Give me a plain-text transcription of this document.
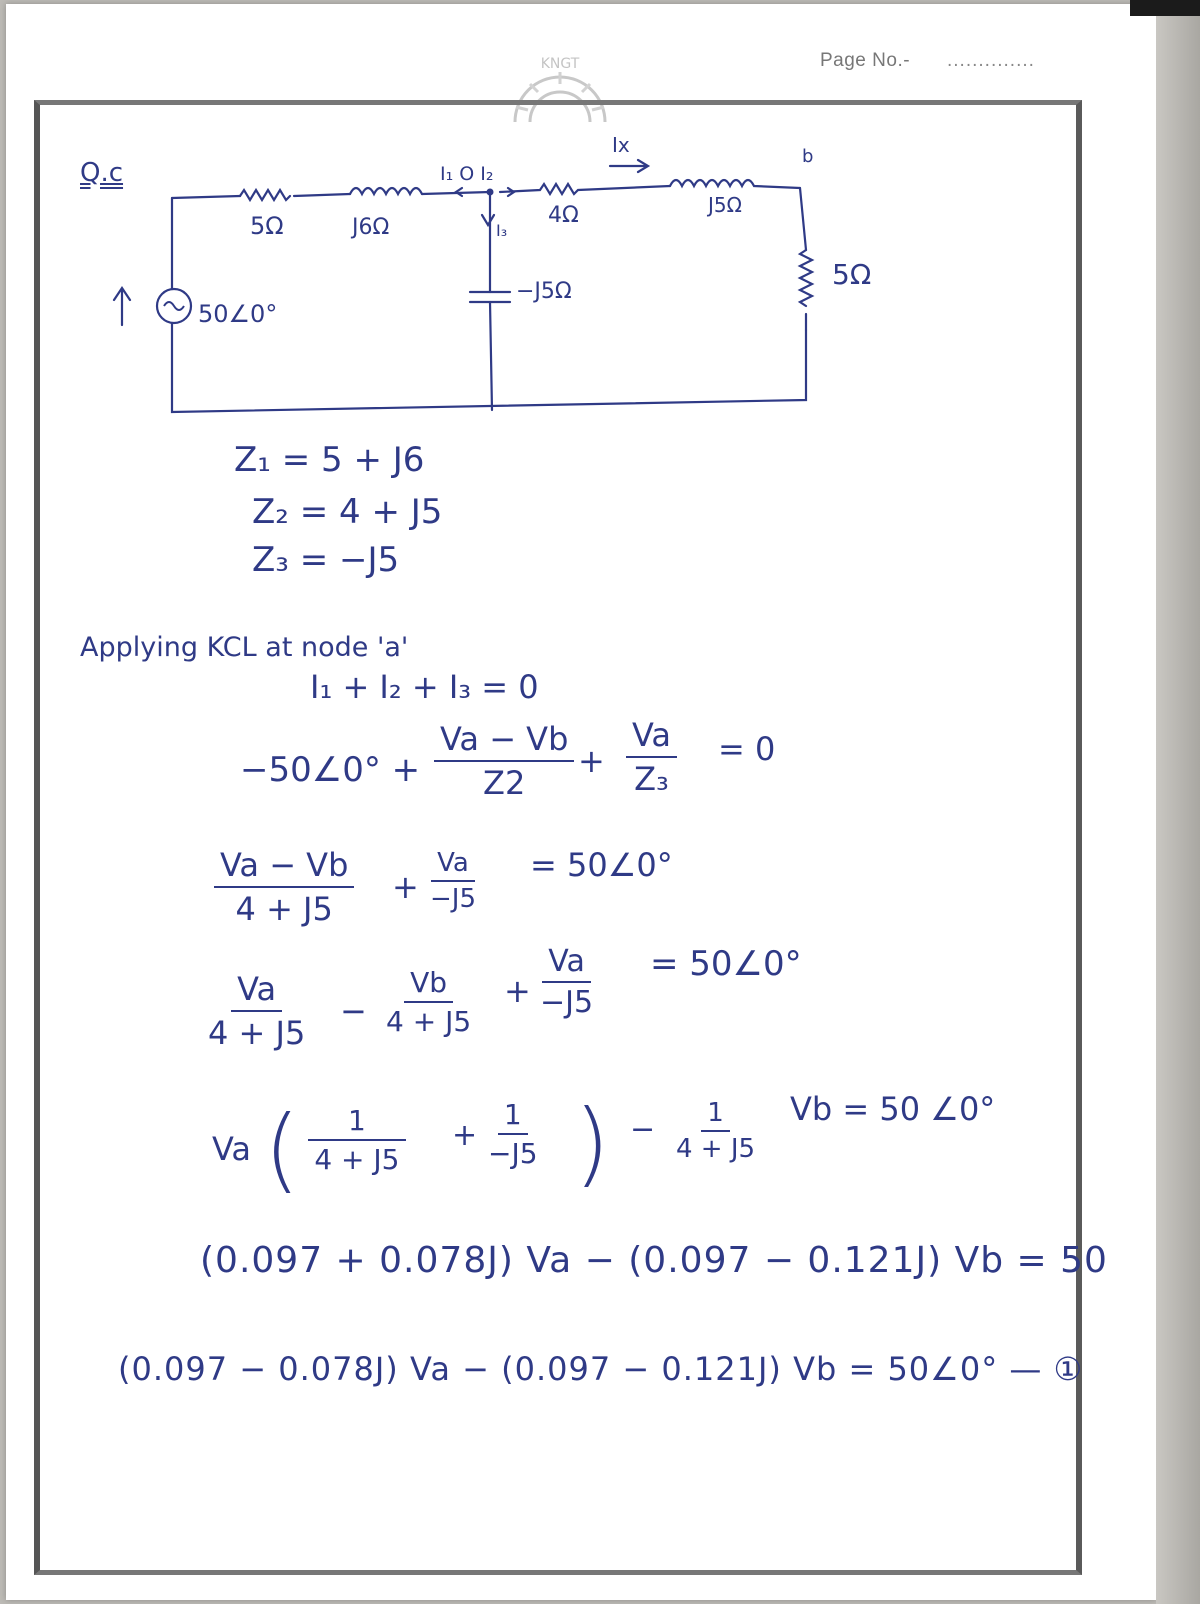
KNGT	Page No.- ..............
5Ω	J6Ω
I₁ O I₂
4Ω	J5Ω
Ix	b
5Ω
−J5Ω
I₃
50∠0°
Q.c
Z₁ = 5 + J6
Z₂ = 4 + J5
Z₃ = −J5
Applying KCL at node 'a'
I₁ + I₂ + I₃ = 0
−50∠0° + $\frac{Va - Vb}{Z2} + \frac{Va}{\text{Z₃}} = 0$
$\frac{Va - Vb}{4 + J5} + \frac{Va}{-J5}$ = 50∠0°
$\frac{Va}{4 + J5} - \frac{Vb}{4 + J5} + \frac{Va}{-J5}$ = 50∠0°
Va ( $\frac{1}{4 + J5} + \frac{1}{-J5}$ ) − $\frac{1}{4 + J5}$ Vb = 50 ∠0°
(0.097 + 0.078J) Va − (0.097 − 0.121J) Vb = 50
(0.097 − 0.078J) Va − (0.097 − 0.121J) Vb = 50∠0° — ①
